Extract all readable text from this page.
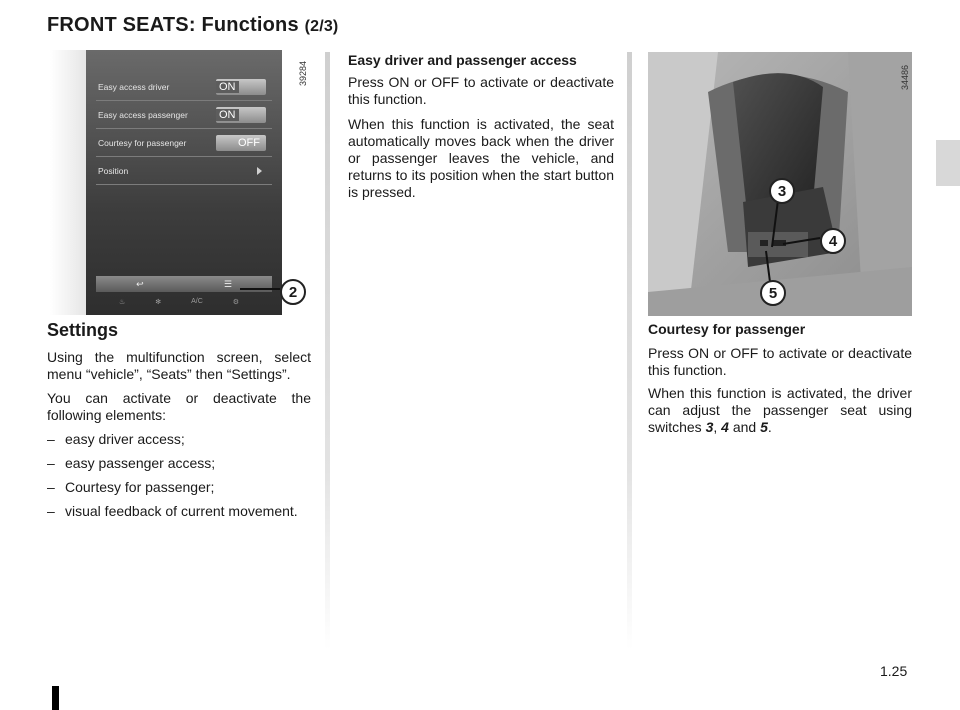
FRONT SEATS: Functions (2/3)
Easy access driver	ON
Easy access passenger	ON
Courtesy for passenger	OFF
Position
↩	☰
♨	✻	A/C	⚙
39284
2
Settings
Using the multifunction screen, select menu “vehicle”, “Seats” then “Settings”.
You can activate or deactivate the following elements:
– easy driver access;
– easy passenger access;
– Courtesy for passenger;
– visual feedback of current movement.
Easy driver and passenger access
Press ON or OFF to activate or deactivate this function.
When this function is activated, the seat automatically moves back when the driver or passenger leaves the vehicle, and returns to its position when the start button is pressed.
34486
3
4
5
Courtesy for passenger
Press ON or OFF to activate or deactivate this function.
When this function is activated, the driver can adjust the passenger seat using switches 3, 4 and 5.
1.25
